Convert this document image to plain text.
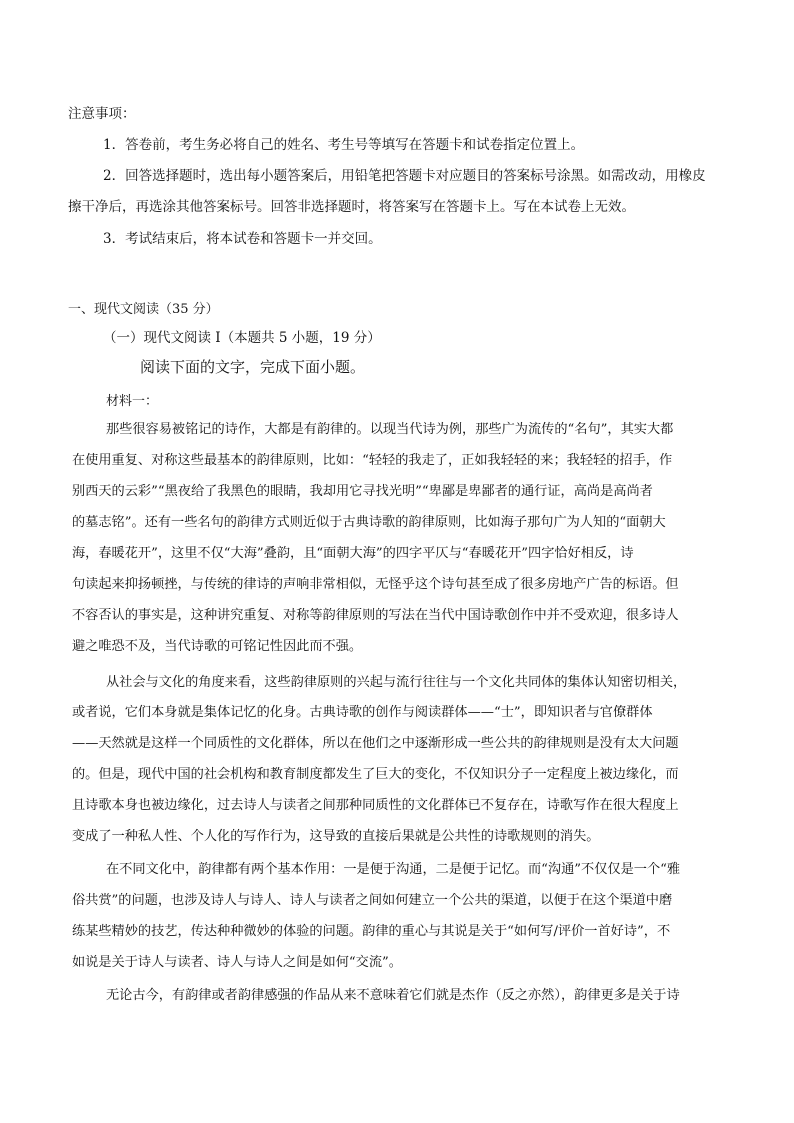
注意事项：
1．答卷前，考生务必将自己的姓名、考生号等填写在答题卡和试卷指定位置上。
2．回答选择题时，选出每小题答案后，用铅笔把答题卡对应题目的答案标号涂黑。如需改动，用橡皮
擦干净后，再选涂其他答案标号。回答非选择题时，将答案写在答题卡上。写在本试卷上无效。
3．考试结束后，将本试卷和答题卡一并交回。
一、现代文阅读（35 分）
（一）现代文阅读 I（本题共 5 小题，19 分）
阅读下面的文字，完成下面小题。
材料一：
那些很容易被铭记的诗作，大都是有韵律的。以现当代诗为例，那些广为流传的“名句”，其实大都
在使用重复、对称这些最基本的韵律原则，比如：“轻轻的我走了，正如我轻轻的来；我轻轻的招手，作
别西天的云彩”“黑夜给了我黑色的眼睛，我却用它寻找光明”“卑鄙是卑鄙者的通行证，高尚是高尚者
的墓志铭”。还有一些名句的韵律方式则近似于古典诗歌的韵律原则，比如海子那句广为人知的“面朝大
海，春暖花开”，这里不仅“大海”叠韵，且“面朝大海”的四字平仄与“春暖花开”四字恰好相反，诗
句读起来抑扬顿挫，与传统的律诗的声响非常相似，无怪乎这个诗句甚至成了很多房地产广告的标语。但
不容否认的事实是，这种讲究重复、对称等韵律原则的写法在当代中国诗歌创作中并不受欢迎，很多诗人
避之唯恐不及，当代诗歌的可铭记性因此而不强。
从社会与文化的角度来看，这些韵律原则的兴起与流行往往与一个文化共同体的集体认知密切相关，
或者说，它们本身就是集体记忆的化身。古典诗歌的创作与阅读群体——“士”，即知识者与官僚群体
——天然就是这样一个同质性的文化群体，所以在他们之中逐渐形成一些公共的韵律规则是没有太大问题
的。但是，现代中国的社会机构和教育制度都发生了巨大的变化，不仅知识分子一定程度上被边缘化，而
且诗歌本身也被边缘化，过去诗人与读者之间那种同质性的文化群体已不复存在，诗歌写作在很大程度上
变成了一种私人性、个人化的写作行为，这导致的直接后果就是公共性的诗歌规则的消失。
在不同文化中，韵律都有两个基本作用：一是便于沟通，二是便于记忆。而“沟通”不仅仅是一个“雅
俗共赏”的问题，也涉及诗人与诗人、诗人与读者之间如何建立一个公共的渠道，以便于在这个渠道中磨
练某些精妙的技艺，传达种种微妙的体验的问题。韵律的重心与其说是关于“如何写/评价一首好诗”，不
如说是关于诗人与读者、诗人与诗人之间是如何“交流”。
无论古今，有韵律或者韵律感强的作品从来不意味着它们就是杰作（反之亦然），韵律更多是关于诗
